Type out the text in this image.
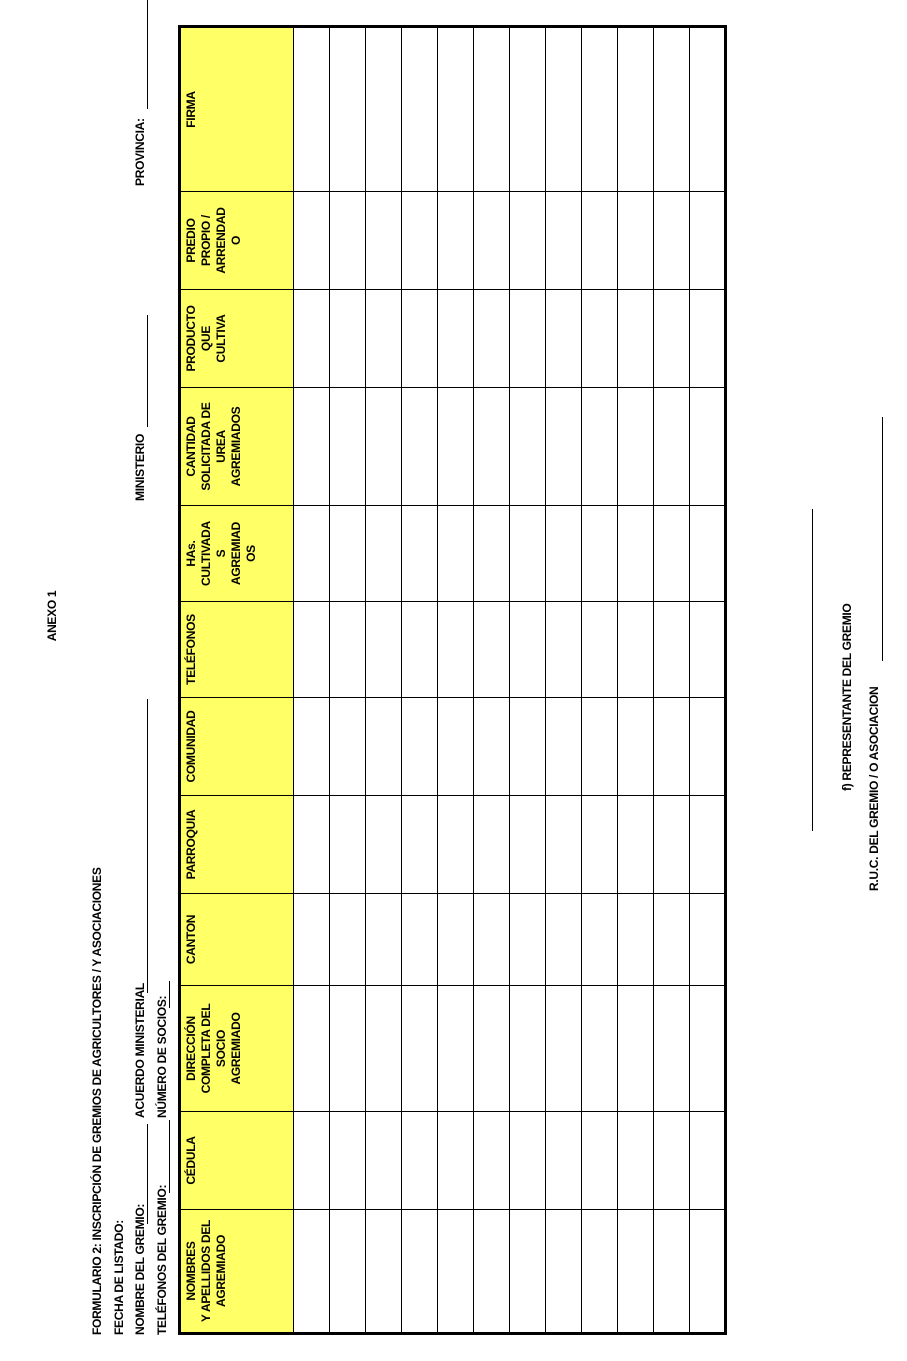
FORMULARIO 2: INSCRIPCIÓN DE GREMIOS DE AGRICULTORES / Y ASOCIACIONES
ANEXO 1
FECHA DE LISTADO: NOMBRE DEL GREMIO:
ACUERDO MINISTERIAL
MINISTERIO
PROVINCIA:
TELÉFONOS DEL GREMIO:
NÚMERO DE SOCIOS:
NOMBRES
Y APELLIDOS DEL
AGREMIADO	CÉDULA	DIRECCIÓN
COMPLETA DEL
SOCIO
AGREMIADO	CANTON	PARROQUIA	COMUNIDAD	TELÉFONOS	HAs.
CULTIVADA
S
AGREMIAD
OS	CANTIDAD
SOLICITADA DE
UREA
AGREMIADOS	PRODUCTO
QUE
CULTIVA	PREDIO
PROPIO /
ARRENDAD
O	FIRMA

f) REPRESENTANTE DEL GREMIO R.U.C. DEL GREMIO / O ASOCIACION
